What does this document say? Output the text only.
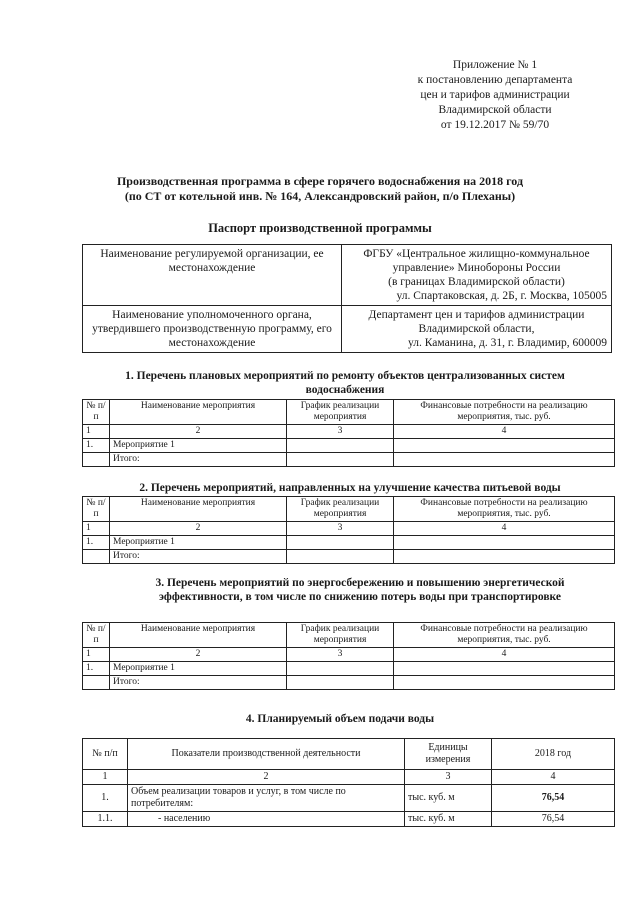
Приложение № 1
к постановлению департамента
цен и тарифов администрации
Владимирской области
от 19.12.2017 № 59/70
Производственная программа в сфере горячего водоснабжения на 2018 год
(по СТ от котельной инв. № 164, Александровский район, п/о Плеханы)
Паспорт производственной программы
Наименование регулируемой организации, ее местонахождение	ФГБУ «Центральное жилищно-коммунальное
управление» Минобороны России
(в границах Владимирской области)
ул. Спартаковская, д. 2Б, г. Москва, 105005

Наименование уполномоченного органа, утвердившего производственную программу, его местонахождение	Департамент цен и тарифов администрации
Владимирской области,
ул. Каманина, д. 31, г. Владимир, 600009
1. Перечень плановых мероприятий по ремонту объектов централизованных систем водоснабжения
№ п/п	Наименование мероприятия	График реализации мероприятия	Финансовые потребности на реализацию мероприятия, тыс. руб.
1	2	3	4
1.	Мероприятие 1		
	Итого:		
2. Перечень мероприятий, направленных на улучшение качества питьевой воды
№ п/п	Наименование мероприятия	График реализации мероприятия	Финансовые потребности на реализацию мероприятия, тыс. руб.
1	2	3	4
1.	Мероприятие 1		
	Итого:		
3. Перечень мероприятий по энергосбережению и повышению энергетической эффективности, в том числе по снижению потерь воды при транспортировке
№ п/п	Наименование мероприятия	График реализации мероприятия	Финансовые потребности на реализацию мероприятия, тыс. руб.
1	2	3	4
1.	Мероприятие 1		
	Итого:		
4. Планируемый объем подачи воды
№ п/п	Показатели производственной деятельности	Единицы измерения	2018 год
1	2	3	4
1.	Объем реализации товаров и услуг, в том числе по потребителям:	тыс. куб. м	76,54
1.1.	- населению	тыс. куб. м	76,54
